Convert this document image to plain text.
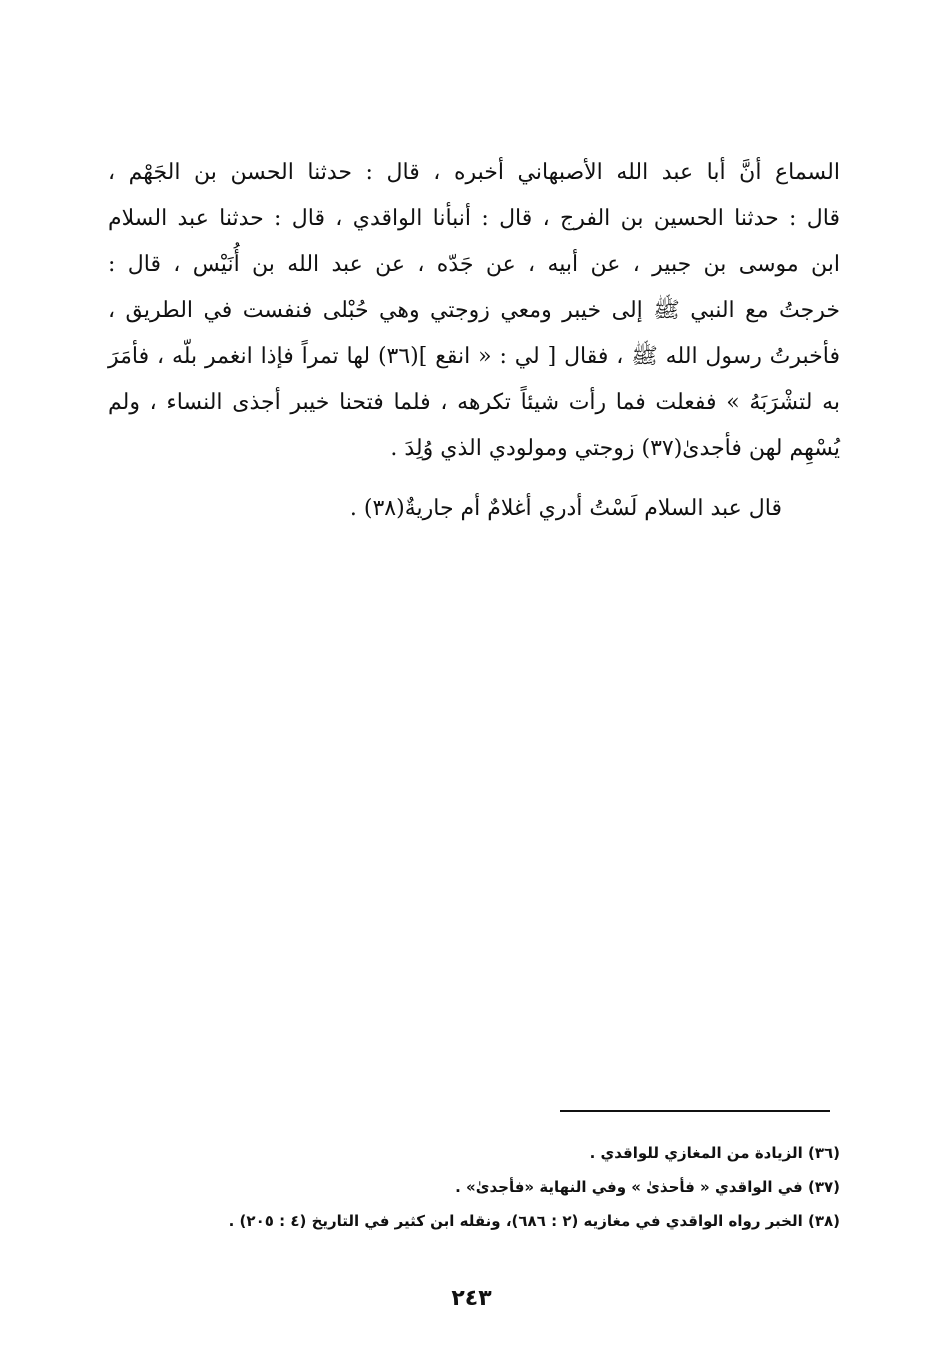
السماع أنَّ أبا عبد الله الأصبهاني أخبره ، قال : حدثنا الحسن بن الجَهْم ،
قال : حدثنا الحسين بن الفرج ، قال : أنبأنا الواقدي ، قال : حدثنا عبد السلام
ابن موسى بن جبير ، عن أبيه ، عن جَدّه ، عن عبد الله بن أُنَيْس ، قال :
خرجتُ مع النبي ﷺ إلى خيبر ومعي زوجتي وهي حُبْلى فنفست في الطريق ،
فأخبرتُ رسول الله ﷺ ، فقال [ لي : « انقع ](٣٦) لها تمراً فإذا انغمر بلّه ، فأمَرَ
به لتشْرَبَهُ » ففعلت فما رأت شيئاً تكرهه ، فلما فتحنا خيبر أجذى النساء ، ولم
يُسْهِم لهن فأجدىٰ(٣٧) زوجتي ومولودي الذي وُلِدَ .
قال عبد السلام لَسْتُ أدري أغلامٌ أم جاريةٌ(٣٨) .
(٣٦) الزيادة من المغازي للواقدي .
(٣٧) في الواقدي « فأحذىٰ » وفي النهاية «فأجدىٰ» .
(٣٨) الخبر رواه الواقدي في مغازيه (٢ : ٦٨٦)، ونقله ابن كثير في التاريخ (٤ : ٢٠٥) .
٢٤٣
